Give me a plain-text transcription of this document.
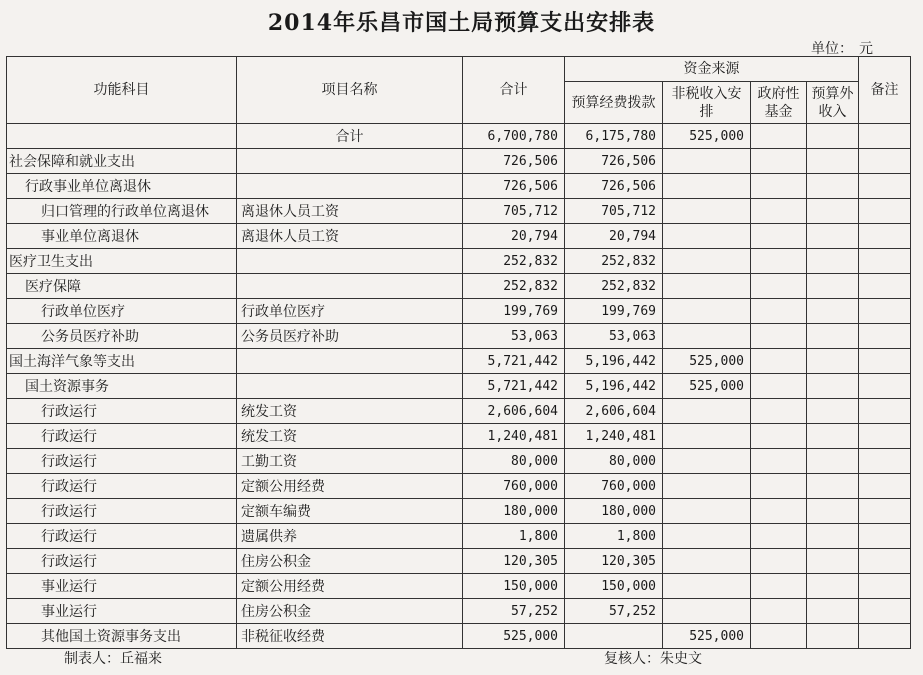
2014年乐昌市国土局预算支出安排表
单位： 元
功能科目	项目名称	合计	资金来源				备注
			预算经费拨款	非税收入安排	政府性基金	预算外收入	
	合计	6,700,780	6,175,780	525,000			
社会保障和就业支出		726,506	726,506				
行政事业单位离退休		726,506	726,506				
归口管理的行政单位离退休	离退休人员工资	705,712	705,712				
事业单位离退休	离退休人员工资	20,794	20,794				
医疗卫生支出		252,832	252,832				
医疗保障		252,832	252,832				
行政单位医疗	行政单位医疗	199,769	199,769				
公务员医疗补助	公务员医疗补助	53,063	53,063				
国土海洋气象等支出		5,721,442	5,196,442	525,000			
国土资源事务		5,721,442	5,196,442	525,000			
行政运行	统发工资	2,606,604	2,606,604				
行政运行	统发工资	1,240,481	1,240,481				
行政运行	工勤工资	80,000	80,000				
行政运行	定额公用经费	760,000	760,000				
行政运行	定额车编费	180,000	180,000				
行政运行	遗属供养	1,800	1,800				
行政运行	住房公积金	120,305	120,305				
事业运行	定额公用经费	150,000	150,000				
事业运行	住房公积金	57,252	57,252				
其他国土资源事务支出	非税征收经费	525,000		525,000			
制表人：丘福来	复核人：朱史文
